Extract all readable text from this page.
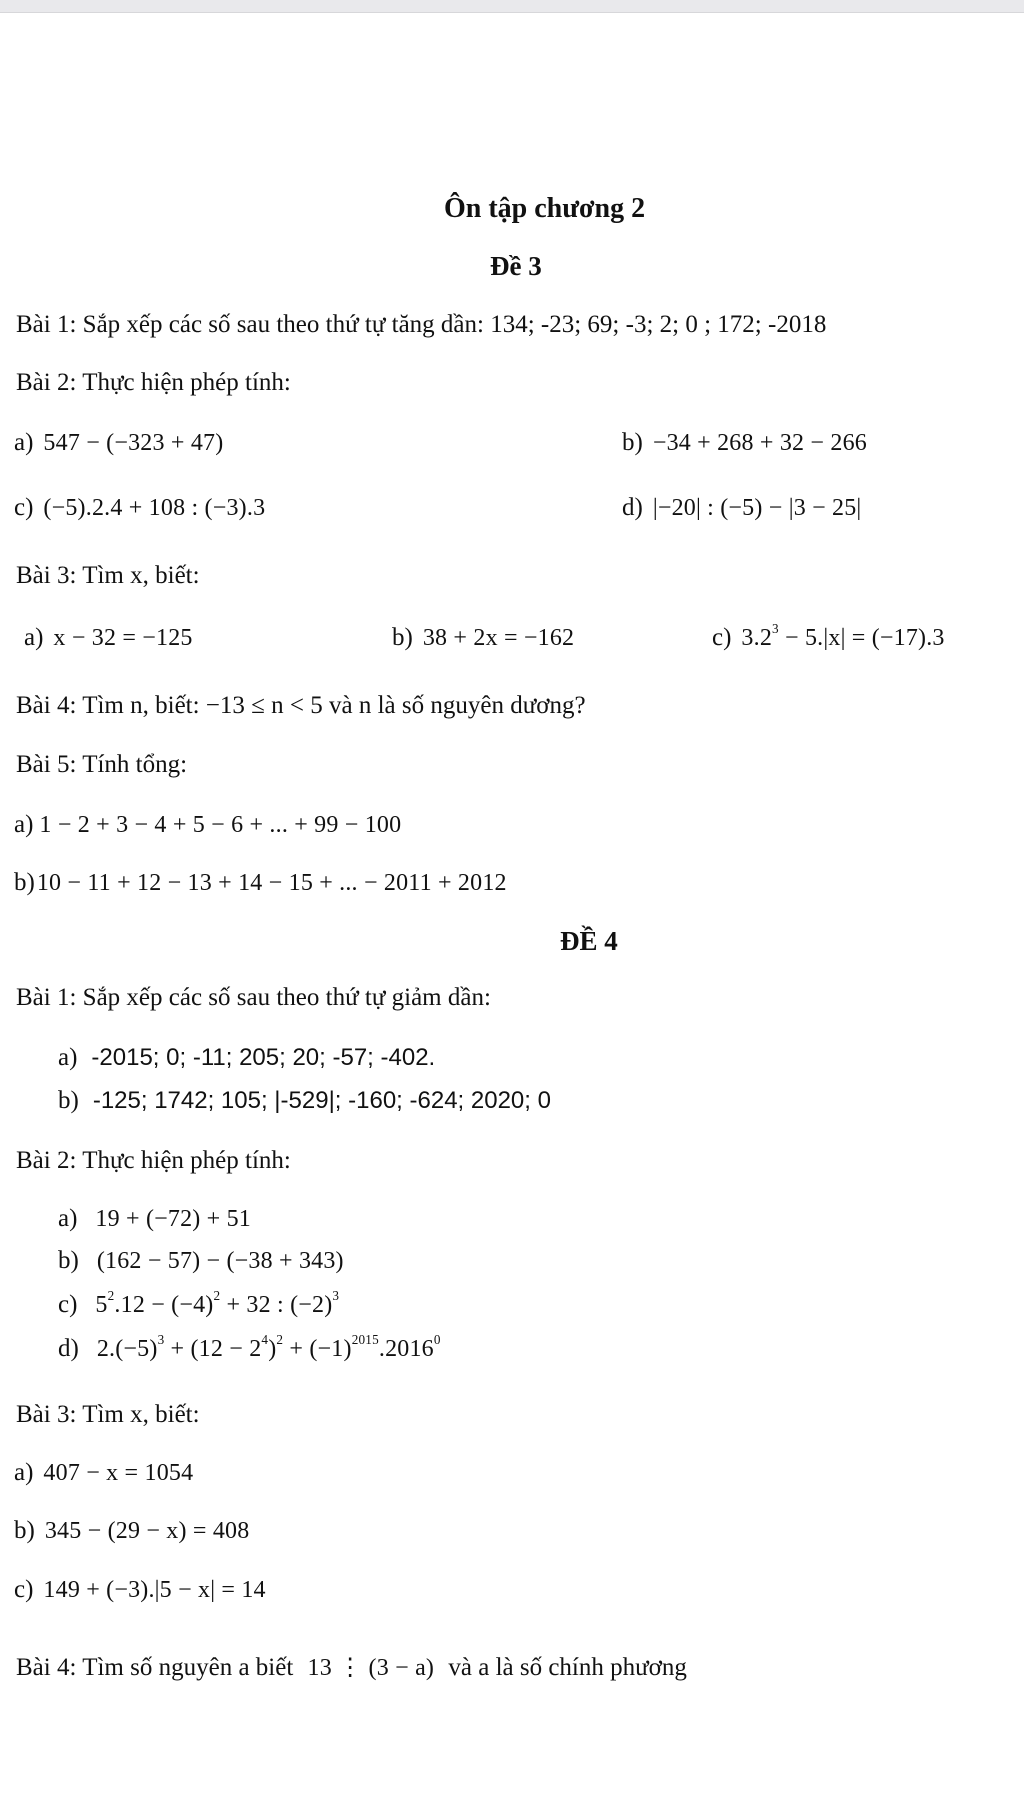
Ôn tập chương 2
Đề 3
Bài 1: Sắp xếp các số sau theo thứ tự tăng dần: 134; -23; 69; -3; 2; 0 ; 172; -2018
Bài 2: Thực hiện phép tính:
a) 547 − (−323 + 47)	b) −34 + 268 + 32 − 266
c) (−5).2.4 + 108 : (−3).3	d) |−20| : (−5) − |3 − 25|
Bài 3: Tìm x, biết:
a) x − 32 = −125	b) 38 + 2x = −162	c) $3.2^3 - 5.|x| = (-17).3$
Bài 4: Tìm n, biết: −13 ≤ n < 5 và n là số nguyên dương?
Bài 5: Tính tổng:
a) 1 − 2 + 3 − 4 + 5 − 6 + ... + 99 − 100
b)10 − 11 + 12 − 13 + 14 − 15 + ... − 2011 + 2012
ĐỀ 4
Bài 1: Sắp xếp các số sau theo thứ tự giảm dần:
a) -2015; 0; -11; 205; 20; -57; -402.
b) -125; 1742; 105; |-529|; -160; -624; 2020; 0
Bài 2: Thực hiện phép tính:
a) 19 + (−72) + 51
b) (162 − 57) − (−38 + 343)
c) $5^2.12 - (-4)^2 + 32$ : $(-2)^3$
d) $2.(-5)^3 + (12 - 2^4)^2 + (-1)^{2015}.2016^0$
Bài 3: Tìm x, biết:
a) 407 − x = 1054
b) 345 − (29 − x) = 408
c) 149 + (−3).|5 − x| = 14
Bài 4: Tìm số nguyên a biết 13 ⋮ (3 − a) và a là số chính phương
